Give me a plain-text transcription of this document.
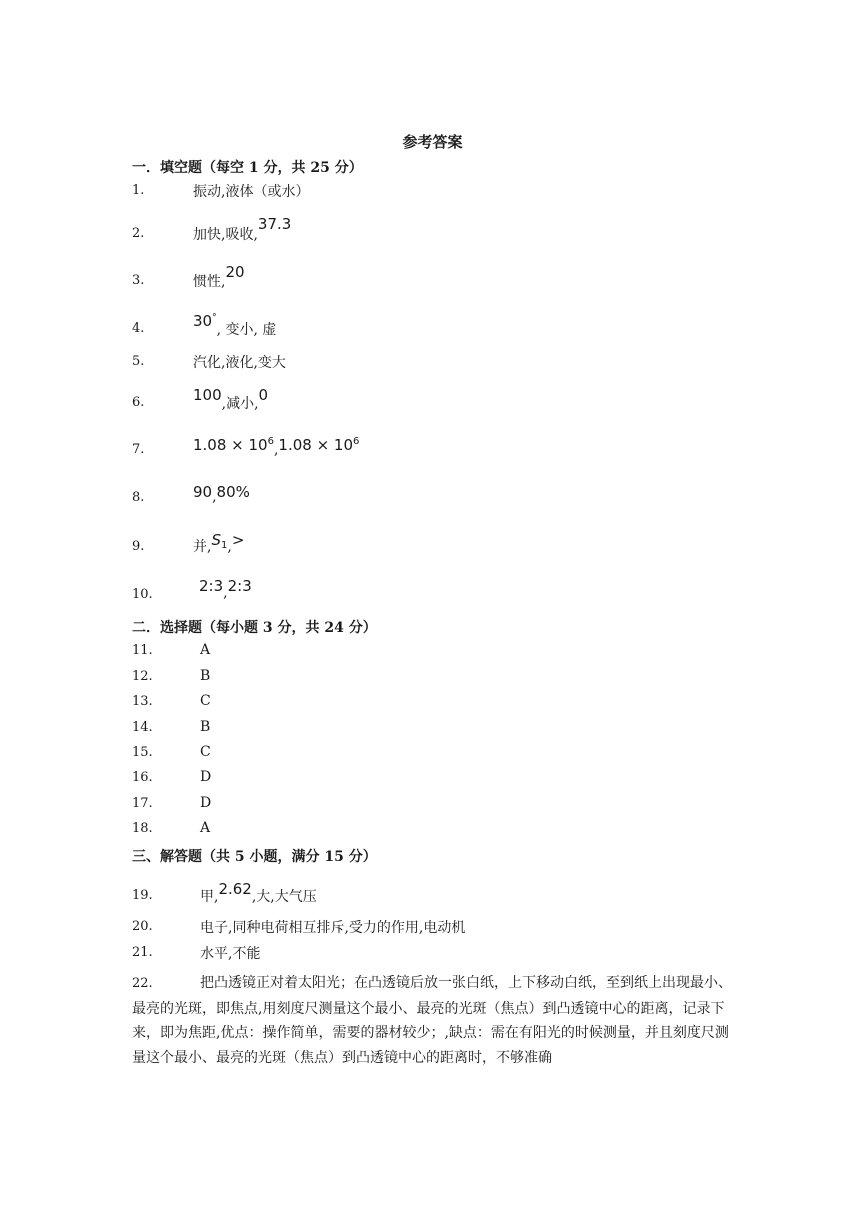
参考答案
一．填空题（每空 1 分，共 25 分）
1.	振动,液体（或水）
2.	加快,吸收,37.3
3.	惯性,20
4.	30°, 变小, 虚
5.	汽化,液化,变大
6.	100,减小,0
7.	$1.08 \times 10^6,1.08 \times 10^6$
8.	90,80%
9.	并$,S_1,>$
10.	2:3,2:3
二．选择题（每小题 3 分，共 24 分）
11.	A
12.	B
13.	C
14.	B
15.	C
16.	D
17.	D
18.	A
三、解答题（共 5 小题，满分 15 分）
19.	甲,2.62,大,大气压
20.	电子,同种电荷相互排斥,受力的作用,电动机
21.	水平,不能
22.	把凸透镜正对着太阳光；在凸透镜后放一张白纸，上下移动白纸，至到纸上出现最小、最亮的光斑，即焦点,用刻度尺测量这个最小、最亮的光斑（焦点）到凸透镜中心的距离，记录下来，即为焦距,优点：操作简单，需要的器材较少；,缺点：需在有阳光的时候测量，并且刻度尺测量这个最小、最亮的光斑（焦点）到凸透镜中心的距离时，不够准确
